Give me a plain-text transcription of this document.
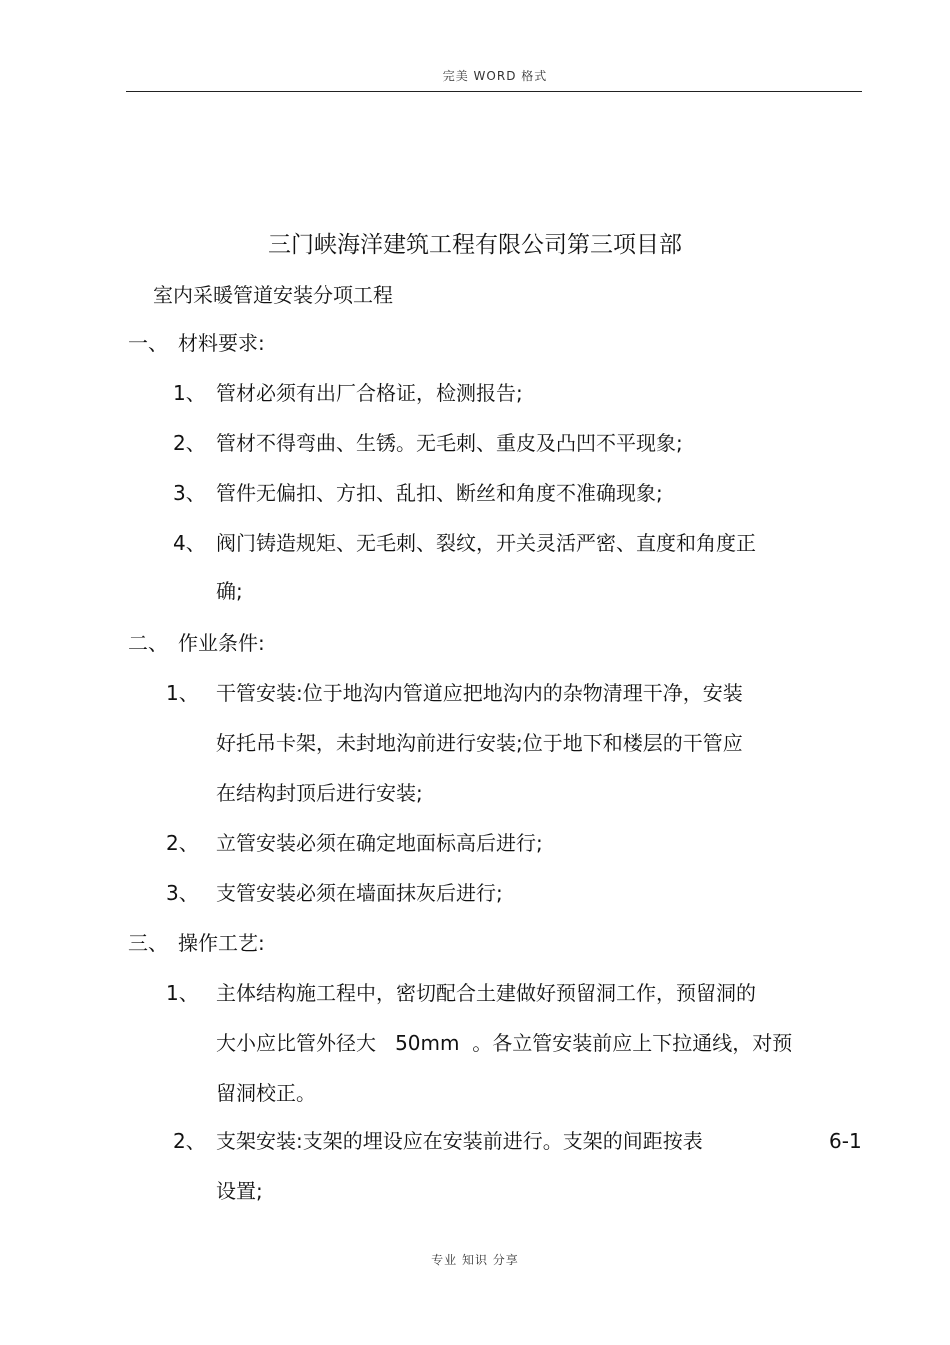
完美 WORD 格式
三门峡海洋建筑工程有限公司第三项目部
室内采暖管道安装分项工程
一、 材料要求:
1、 管材必须有出厂合格证，检测报告;
2、 管材不得弯曲、生锈。无毛刺、重皮及凸凹不平现象;
3、 管件无偏扣、方扣、乱扣、断丝和角度不准确现象;
4、 阀门铸造规矩、无毛刺、裂纹，开关灵活严密、直度和角度正
确;
二、 作业条件:
1、 干管安装:位于地沟内管道应把地沟内的杂物清理干净，安装
好托吊卡架，未封地沟前进行安装;位于地下和楼层的干管应
在结构封顶后进行安装;
2、 立管安装必须在确定地面标高后进行;
3、 支管安装必须在墙面抹灰后进行;
三、 操作工艺:
1、 主体结构施工程中，密切配合土建做好预留洞工作，预留洞的
大小应比管外径大   50mm  。各立管安装前应上下拉通线，对预
留洞校正。
2、 支架安装:支架的埋设应在安装前进行。支架的间距按表	6-1
设置;
专业 知识 分享
